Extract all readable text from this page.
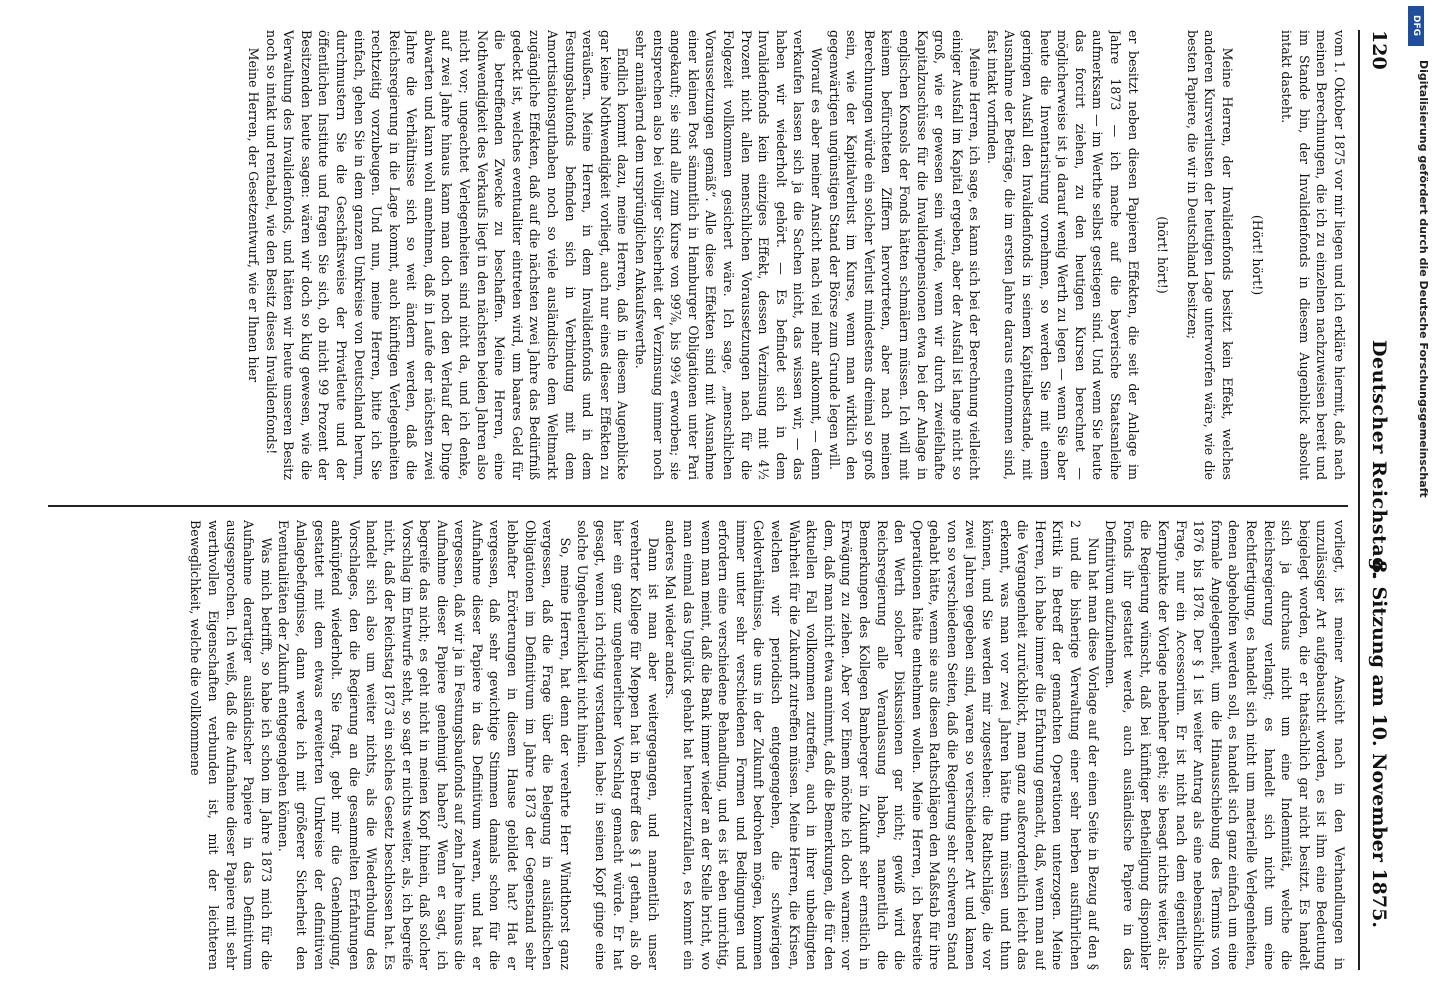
120
Deutscher Reichstag.
8. Sitzung am 10. November 1875.

vom 1. Oktober 1875 vor mir liegen und ich erkläre hiermit, daß nach meinen Berechnungen, die ich zu einzelnen nachzuweisen bereit und im Stande bin, der Invalidenfonds in diesem Augenblick absolut intakt dasteht.

(Hört! hört!)

Meine Herren, der Invalidenfonds besitzt kein Effekt, welches anderen Kursverlusten der heutigen Lage unterworfen wäre, wie die besten Papiere, die wir in Deutschland besitzen;

(hört! hört!)

er besitzt neben diesen Papieren Effekten, die seit der Anlage im Jahre 1873 — ich mache auf die bayerische Staatsanleihe aufmerksam — im Werthe selbst gestiegen sind. Und wenn Sie heute das forcirt ziehen, zu den heutigen Kursen berechnet — möglicherweise ist ja darauf wenig Werth zu legen — wenn Sie aber heute die Inventarisirung vornehmen, so werden Sie mit einem geringen Ausfall den Invalidenfonds in seinem Kapitalbestande, mit Ausnahme der Beträge, die im ersten Jahre daraus entnommen sind, fast intakt vorfinden.

Meine Herren, ich sage, es kann sich bei der Berechnung vielleicht einiger Ausfall im Kapital ergeben, aber der Ausfall ist lange nicht so groß, wie er gewesen sein würde, wenn wir durch zweifelhafte Kapitalzuschüsse für die Invalidenpensionen etwa bei der Anlage in englischen Konsols der Fonds hätten schmälern müssen. Ich will mit keinem befürchteten Ziffern hervortreten, aber nach meinen Berechnungen würde ein solcher Verlust mindestens dreimal so groß sein, wie der Kapitalverlust im Kurse, wenn man wirklich den gegenwärtigen ungünstigen Stand der Börse zum Grunde legen will.

Worauf es aber meiner Ansicht nach viel mehr ankommt, — denn verkaufen lassen sich ja die Sachen nicht, das wissen wir, — das haben wir wiederholt gehört. — Es befindet sich in dem Invalidenfonds kein einziges Effekt, dessen Verzinsung mit 4½ Prozent nicht allen menschlichen Voraussetzungen nach für die Folgezeit vollkommen gesichert wäre. Ich sage, „menschlichen Voraussetzungen gemäß“. Alle diese Effekten sind mit Ausnahme einer kleinen Post sämmtlich in Hamburger Obligationen unter Pari angekauft; sie sind alle zum Kurse von 99⅞, bis 99¾ erworben; sie entsprechen also bei völliger Sicherheit der Verzinsung immer noch sehr annähernd dem ursprünglichen Ankaufswerthe.

Endlich kommt dazu, meine Herren, daß in diesem Augenblicke gar keine Nothwendigkeit vorliegt, auch nur eines dieser Effekten zu veräußern. Meine Herren, in dem Invalidenfonds und in dem Festungsbaufonds befinden sich in Verbindung mit dem Amortisationsguthaben noch so viele ausländische dem Weltmarkt zugängliche Effekten, daß auf die nächsten zwei Jahre das Bedürfniß gedeckt ist, welches eventualiter eintreten wird, um baares Geld für die betreffenden Zwecke zu beschaffen. Meine Herren, eine Nothwendigkeit des Verkaufs liegt in den nächsten beiden Jahren also nicht vor; ungeachtet Verlegenheiten sind nicht da, und ich denke, auf zwei Jahre hinaus kann man doch noch den Verlauf der Dinge abwarten und kann wohl annehmen, daß in Laufe der nächsten zwei Jahre die Verhältnisse sich so weit ändern werden, daß die Reichsregierung in die Lage kommt, auch künftigen Verlegenheiten rechtzeitig vorzubeugen. Und nun, meine Herren, bitte ich Sie einfach, gehen Sie in dem ganzen Umkreise von Deutschland herum, durchmustern Sie die Geschäftsweise der Privatleute und der öffentlichen Institute und fragen Sie sich, ob nicht 99 Prozent der Besitzenden heute sagen: wären wir doch so klug gewesen, wie die Verwaltung des Invalidenfonds, und hätten wir heute unseren Besitz noch so intakt und rentabel, wie den Besitz dieses Invalidenfonds!

Meine Herren, der Gesetzentwurf, wie er Ihnen hier

vorliegt, ist meiner Ansicht nach in den Verhandlungen in unzulässiger Art aufgebauscht worden, es ist ihm eine Bedeutung beigelegt worden, die er thatsächlich gar nicht besitzt. Es handelt sich ja durchaus nicht um eine Indemnität, welche die Reichsregierung verlangt; es handelt sich nicht um eine Rechtfertigung, es handelt sich nicht um materielle Verlegenheiten, denen abgeholfen werden soll, es handelt sich ganz einfach um eine formale Angelegenheit, um die Hinausschiebung des Termins von 1876 bis 1878. Der § 1 ist weiter Antrag als eine nebensächliche Frage, nur ein Accessorium. Er ist nicht nach dem eigentlichen Kernpunkte der Vorlage nebenher geht; sie besagt nichts weiter, als: die Regierung wünscht, daß bei künftiger Betheiligung disponibler Fonds ihr gestattet werde, auch ausländische Papiere in das Definitivum aufzunehmen.

Nun hat man diese Vorlage auf der einen Seite in Bezug auf den § 2 und die bisherige Verwaltung einer sehr herben ausführlichen Kritik in Betreff der gemachten Operationen unterzogen. Meine Herren, ich habe immer die Erfahrung gemacht, daß, wenn man auf die Vergangenheit zurückblickt, man ganz außerordentlich leicht das erkennt, was man vor zwei Jahren hätte thun müssen und thun können, und Sie werden mir zugestehen: die Rathschläge, die vor zwei Jahren gegeben sind, waren so verschiedener Art und kamen von so verschiedenen Seiten, daß die Regierung sehr schweren Stand gehabt hätte, wenn sie aus diesen Rathschlägen den Maßstab für ihre Operationen hätte entnehmen wollen. Meine Herren, ich bestreite den Werth solcher Diskussionen gar nicht; gewiß wird die Reichsregierung alle Veranlassung haben, namentlich die Bemerkungen des Kollegen Bamberger in Zukunft sehr ernstlich in Erwägung zu ziehen. Aber vor Einem möchte ich doch warnen: vor dem, daß man nicht etwa annimmt, daß die Bemerkungen, die für den aktuellen Fall vollkommen zutreffen, auch in ihrer unbedingten Wahrheit für die Zukunft zutreffen müssen. Meine Herren, die Krisen, welchen wir periodisch entgegengehen, die schwierigen Geldverhältnisse, die uns in der Zukunft bedrohen mögen, kommen immer unter sehr verschiedenen Formen und Bedingungen und erfordern eine verschiedene Behandlung, und es ist eben unrichtig, wenn man meint, daß die Bank immer wieder an der Stelle bricht, wo man einmal das Unglück gehabt hat herunterzufallen, es kommt ein anderes Mal wieder anders.

Dann ist man aber weitergegangen, und namentlich unser verehrter Kollege für Meppen hat in Betreff des § 1 gethan, als ob hier ein ganz ungeheuerlicher Vorschlag gemacht würde. Er hat gesagt, wenn ich richtig verstanden habe: in seinen Kopf ginge eine solche Ungeheuerlichkeit nicht hinein.

So, meine Herren, hat denn der verehrte Herr Windthorst ganz vergessen, daß die Frage über die Belegung in ausländischen Obligationen im Definitivum im Jahre 1873 der Gegenstand sehr lebhafter Erörterungen in diesem Hause gebildet hat? Hat er vergessen, daß sehr gewichtige Stimmen damals schon für die Aufnahme dieser Papiere in das Definitivum waren, und hat er vergessen, daß wir ja in Festungsbaufonds auf zehn Jahre hinaus die Aufnahme dieser Papiere genehmigt haben? Wenn er sagt, ich begreife das nicht; es geht nicht in meinen Kopf hinein, daß solcher Vorschlag im Entwurfe steht, so sagt er nichts weiter, als, ich begreife nicht, daß der Reichstag 1873 ein solches Gesetz beschlossen hat. Es handelt sich also um weiter nichts, als die Wiederholung des Vorschlages, den die Regierung an die gesammelten Erfahrungen anknüpfend wiederholt. Sie fragt, gebt mir die Genehmigung, gestattet mit dem etwas erweiterten Umkreise der definitiven Anlagebefugnisse, dann werde ich mit größerer Sicherheit den Eventualitäten der Zukunft entgegengehen können.

Was mich betrifft, so habe ich schon im Jahre 1873 mich für die Aufnahme derartiger ausländischer Papiere in das Definitivum ausgesprochen. Ich weiß, daß die Aufnahme dieser Papiere mit sehr werthvollen Eigenschaften verbunden ist, mit der leichteren Beweglichkeit, welche die vollkommene

DFG
Digitalisierung gefördert durch die Deutsche Forschungsgemeinschaft
